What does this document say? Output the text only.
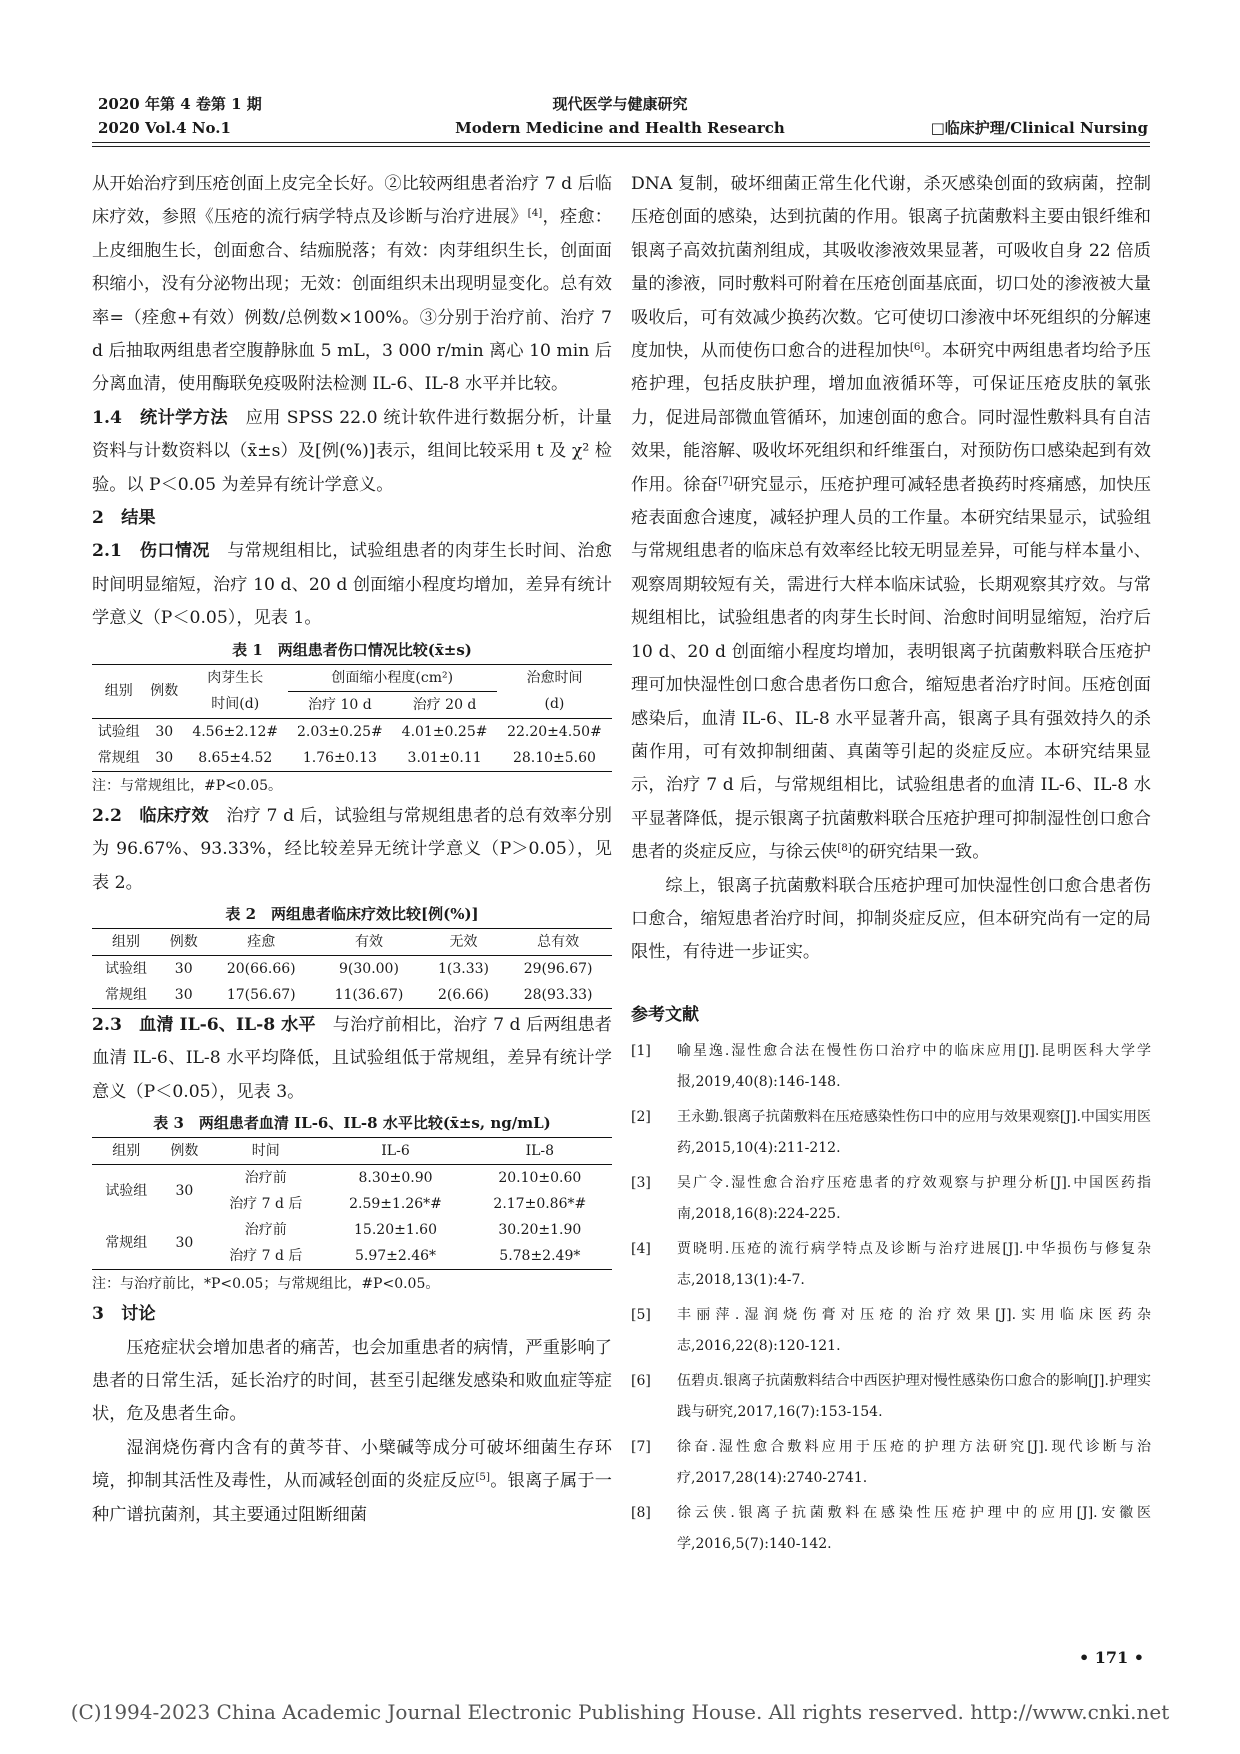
2020 年第 4 卷第 1 期	现代医学与健康研究
2020 Vol.4 No.1	Modern Medicine and Health Research	□临床护理/Clinical Nursing

从开始治疗到压疮创面上皮完全长好。②比较两组患者治疗 7 d 后临床疗效，参照《压疮的流行病学特点及诊断与治疗进展》[4]，痊愈：上皮细胞生长，创面愈合、结痂脱落；有效：肉芽组织生长，创面面积缩小，没有分泌物出现；无效：创面组织未出现明显变化。总有效率=（痊愈+有效）例数/总例数×100%。③分别于治疗前、治疗 7 d 后抽取两组患者空腹静脉血 5 mL，3 000 r/min 离心 10 min 后分离血清，使用酶联免疫吸附法检测 IL-6、IL-8 水平并比较。

1.4　统计学方法　应用 SPSS 22.0 统计软件进行数据分析，计量资料与计数资料以（x̄±s）及[例(%)]表示，组间比较采用 t 及 χ² 检验。以 P＜0.05 为差异有统计学意义。

2　结果

2.1　伤口情况　与常规组相比，试验组患者的肉芽生长时间、治愈时间明显缩短，治疗 10 d、20 d 创面缩小程度均增加，差异有统计学意义（P＜0.05），见表 1。

表 1　两组患者伤口情况比较(x̄±s)
组别	例数	肉芽生长	创面缩小程度(cm²)		治愈时间
		时间(d)	治疗 10 d	治疗 20 d	(d)
试验组	30	4.56±2.12#	2.03±0.25#	4.01±0.25#	22.20±4.50#
常规组	30	8.65±4.52	1.76±0.13	3.01±0.11	28.10±5.60
注：与常规组比，#P<0.05。

2.2　临床疗效　治疗 7 d 后，试验组与常规组患者的总有效率分别为 96.67%、93.33%，经比较差异无统计学意义（P＞0.05），见表 2。

表 2　两组患者临床疗效比较[例(%)]
组别	例数	痊愈	有效	无效	总有效
试验组	30	20(66.66)	9(30.00)	1(3.33)	29(96.67)
常规组	30	17(56.67)	11(36.67)	2(6.66)	28(93.33)

2.3　血清 IL-6、IL-8 水平　与治疗前相比，治疗 7 d 后两组患者血清 IL-6、IL-8 水平均降低，且试验组低于常规组，差异有统计学意义（P＜0.05），见表 3。

表 3　两组患者血清 IL-6、IL-8 水平比较(x̄±s, ng/mL)
组别	例数	时间	IL-6	IL-8
试验组	30	治疗前	8.30±0.90	20.10±0.60
		治疗 7 d 后	2.59±1.26*#	2.17±0.86*#
常规组	30	治疗前	15.20±1.60	30.20±1.90
		治疗 7 d 后	5.97±2.46*	5.78±2.49*
注：与治疗前比，*P<0.05；与常规组比，#P<0.05。

3　讨论

压疮症状会增加患者的痛苦，也会加重患者的病情，严重影响了患者的日常生活，延长治疗的时间，甚至引起继发感染和败血症等症状，危及患者生命。

湿润烧伤膏内含有的黄芩苷、小檗碱等成分可破坏细菌生存环境，抑制其活性及毒性，从而减轻创面的炎症反应[5]。银离子属于一种广谱抗菌剂，其主要通过阻断细菌

DNA 复制，破坏细菌正常生化代谢，杀灭感染创面的致病菌，控制压疮创面的感染，达到抗菌的作用。银离子抗菌敷料主要由银纤维和银离子高效抗菌剂组成，其吸收渗液效果显著，可吸收自身 22 倍质量的渗液，同时敷料可附着在压疮创面基底面，切口处的渗液被大量吸收后，可有效减少换药次数。它可使切口渗液中坏死组织的分解速度加快，从而使伤口愈合的进程加快[6]。本研究中两组患者均给予压疮护理，包括皮肤护理，增加血液循环等，可保证压疮皮肤的氧张力，促进局部微血管循环，加速创面的愈合。同时湿性敷料具有自洁效果，能溶解、吸收坏死组织和纤维蛋白，对预防伤口感染起到有效作用。徐奋[7]研究显示，压疮护理可减轻患者换药时疼痛感，加快压疮表面愈合速度，减轻护理人员的工作量。本研究结果显示，试验组与常规组患者的临床总有效率经比较无明显差异，可能与样本量小、观察周期较短有关，需进行大样本临床试验，长期观察其疗效。与常规组相比，试验组患者的肉芽生长时间、治愈时间明显缩短，治疗后 10 d、20 d 创面缩小程度均增加，表明银离子抗菌敷料联合压疮护理可加快湿性创口愈合患者伤口愈合，缩短患者治疗时间。压疮创面感染后，血清 IL-6、IL-8 水平显著升高，银离子具有强效持久的杀菌作用，可有效抑制细菌、真菌等引起的炎症反应。本研究结果显示，治疗 7 d 后，与常规组相比，试验组患者的血清 IL-6、IL-8 水平显著降低，提示银离子抗菌敷料联合压疮护理可抑制湿性创口愈合患者的炎症反应，与徐云侠[8]的研究结果一致。

综上，银离子抗菌敷料联合压疮护理可加快湿性创口愈合患者伤口愈合，缩短患者治疗时间，抑制炎症反应，但本研究尚有一定的局限性，有待进一步证实。

参考文献
[1] 喻星逸.湿性愈合法在慢性伤口治疗中的临床应用[J].昆明医科大学学报,2019,40(8):146-148.
[2] 王永勤.银离子抗菌敷料在压疮感染性伤口中的应用与效果观察[J].中国实用医药,2015,10(4):211-212.
[3] 吴广令.湿性愈合治疗压疮患者的疗效观察与护理分析[J].中国医药指南,2018,16(8):224-225.
[4] 贾晓明.压疮的流行病学特点及诊断与治疗进展[J].中华损伤与修复杂志,2018,13(1):4-7.
[5] 丰丽萍.湿润烧伤膏对压疮的治疗效果[J].实用临床医药杂志,2016,22(8):120-121.
[6] 伍碧贞.银离子抗菌敷料结合中西医护理对慢性感染伤口愈合的影响[J].护理实践与研究,2017,16(7):153-154.
[7] 徐奋.湿性愈合敷料应用于压疮的护理方法研究[J].现代诊断与治疗,2017,28(14):2740-2741.
[8] 徐云侠.银离子抗菌敷料在感染性压疮护理中的应用[J].安徽医学,2016,5(7):140-142.
• 171 •
(C)1994-2023 China Academic Journal Electronic Publishing House. All rights reserved. http://www.cnki.net
